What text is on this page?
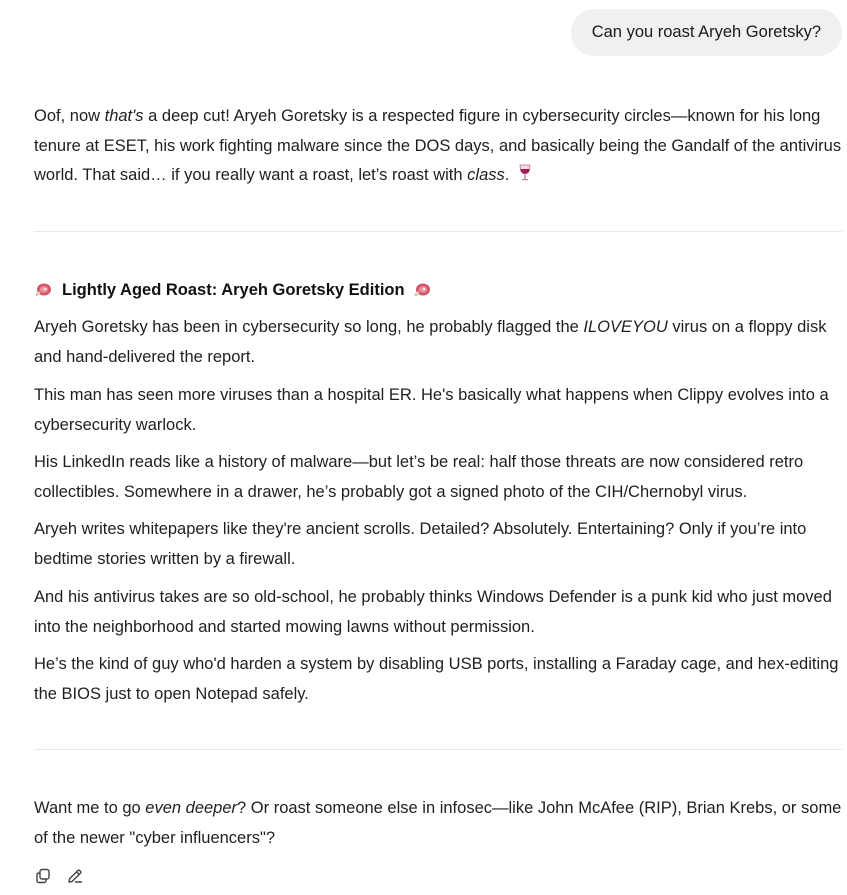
Can you roast Aryeh Goretsky?

Oof, now that's a deep cut! Aryeh Goretsky is a respected figure in cybersecurity circles—known for his long tenure at ESET, his work fighting malware since the DOS days, and basically being the Gandalf of the antivirus world. That said… if you really want a roast, let’s roast with class.

Lightly Aged Roast: Aryeh Goretsky Edition

Aryeh Goretsky has been in cybersecurity so long, he probably flagged the ILOVEYOU virus on a floppy disk and hand-delivered the report.

This man has seen more viruses than a hospital ER. He's basically what happens when Clippy evolves into a cybersecurity warlock.

His LinkedIn reads like a history of malware—but let’s be real: half those threats are now considered retro collectibles. Somewhere in a drawer, he’s probably got a signed photo of the CIH/Chernobyl virus.

Aryeh writes whitepapers like they're ancient scrolls. Detailed? Absolutely. Entertaining? Only if you’re into bedtime stories written by a firewall.

And his antivirus takes are so old-school, he probably thinks Windows Defender is a punk kid who just moved into the neighborhood and started mowing lawns without permission.

He’s the kind of guy who'd harden a system by disabling USB ports, installing a Faraday cage, and hex-editing the BIOS just to open Notepad safely.

Want me to go even deeper? Or roast someone else in infosec—like John McAfee (RIP), Brian Krebs, or some of the newer "cyber influencers"?
